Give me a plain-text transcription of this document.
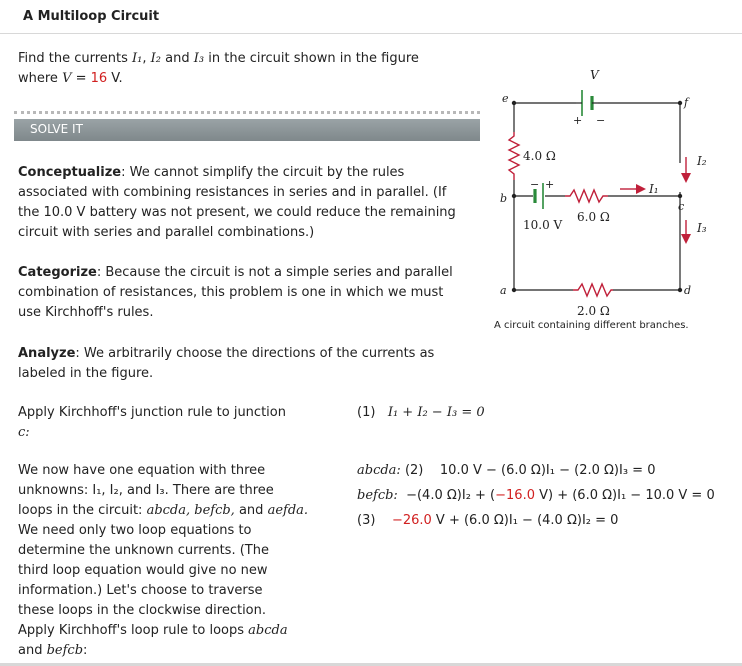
A Multiloop Circuit
Find the currents I₁, I₂ and I₃ in the circuit shown in the figure
where V = 16 V.
SOLVE IT
Conceptualize: We cannot simplify the circuit by the rules
associated with combining resistances in series and in parallel. (If
the 10.0 V battery was not present, we could reduce the remaining
circuit with series and parallel combinations.)
Categorize: Because the circuit is not a simple series and parallel
combination of resistances, this problem is one in which we must
use Kirchhoff's rules.
Analyze: We arbitrarily choose the directions of the currents as
labeled in the figure.
Apply Kirchhoff's junction rule to junction
c:
(1) I₁ + I₂ − I₃ = 0
We now have one equation with three
unknowns: I₁, I₂, and I₃. There are three
loops in the circuit: abcda, befcb, and aefda.
We need only two loop equations to
determine the unknown currents. (The
third loop equation would give no new
information.) Let's choose to traverse
these loops in the clockwise direction.
Apply Kirchhoff's loop rule to loops abcda
and befcb:
abcda: (2) 10.0 V − (6.0 Ω)I₁ − (2.0 Ω)I₃ = 0
befcb: −(4.0 Ω)I₂ + (−16.0 V) + (6.0 Ω)I₁ − 10.0 V = 0
(3) −26.0 V + (6.0 Ω)I₁ − (4.0 Ω)I₂ = 0
e	f
b
c
a	d
V
I₁
I₂
I₃
+ −
− +
4.0 Ω
6.0 Ω
10.0 V
2.0 Ω
A circuit containing different branches.
